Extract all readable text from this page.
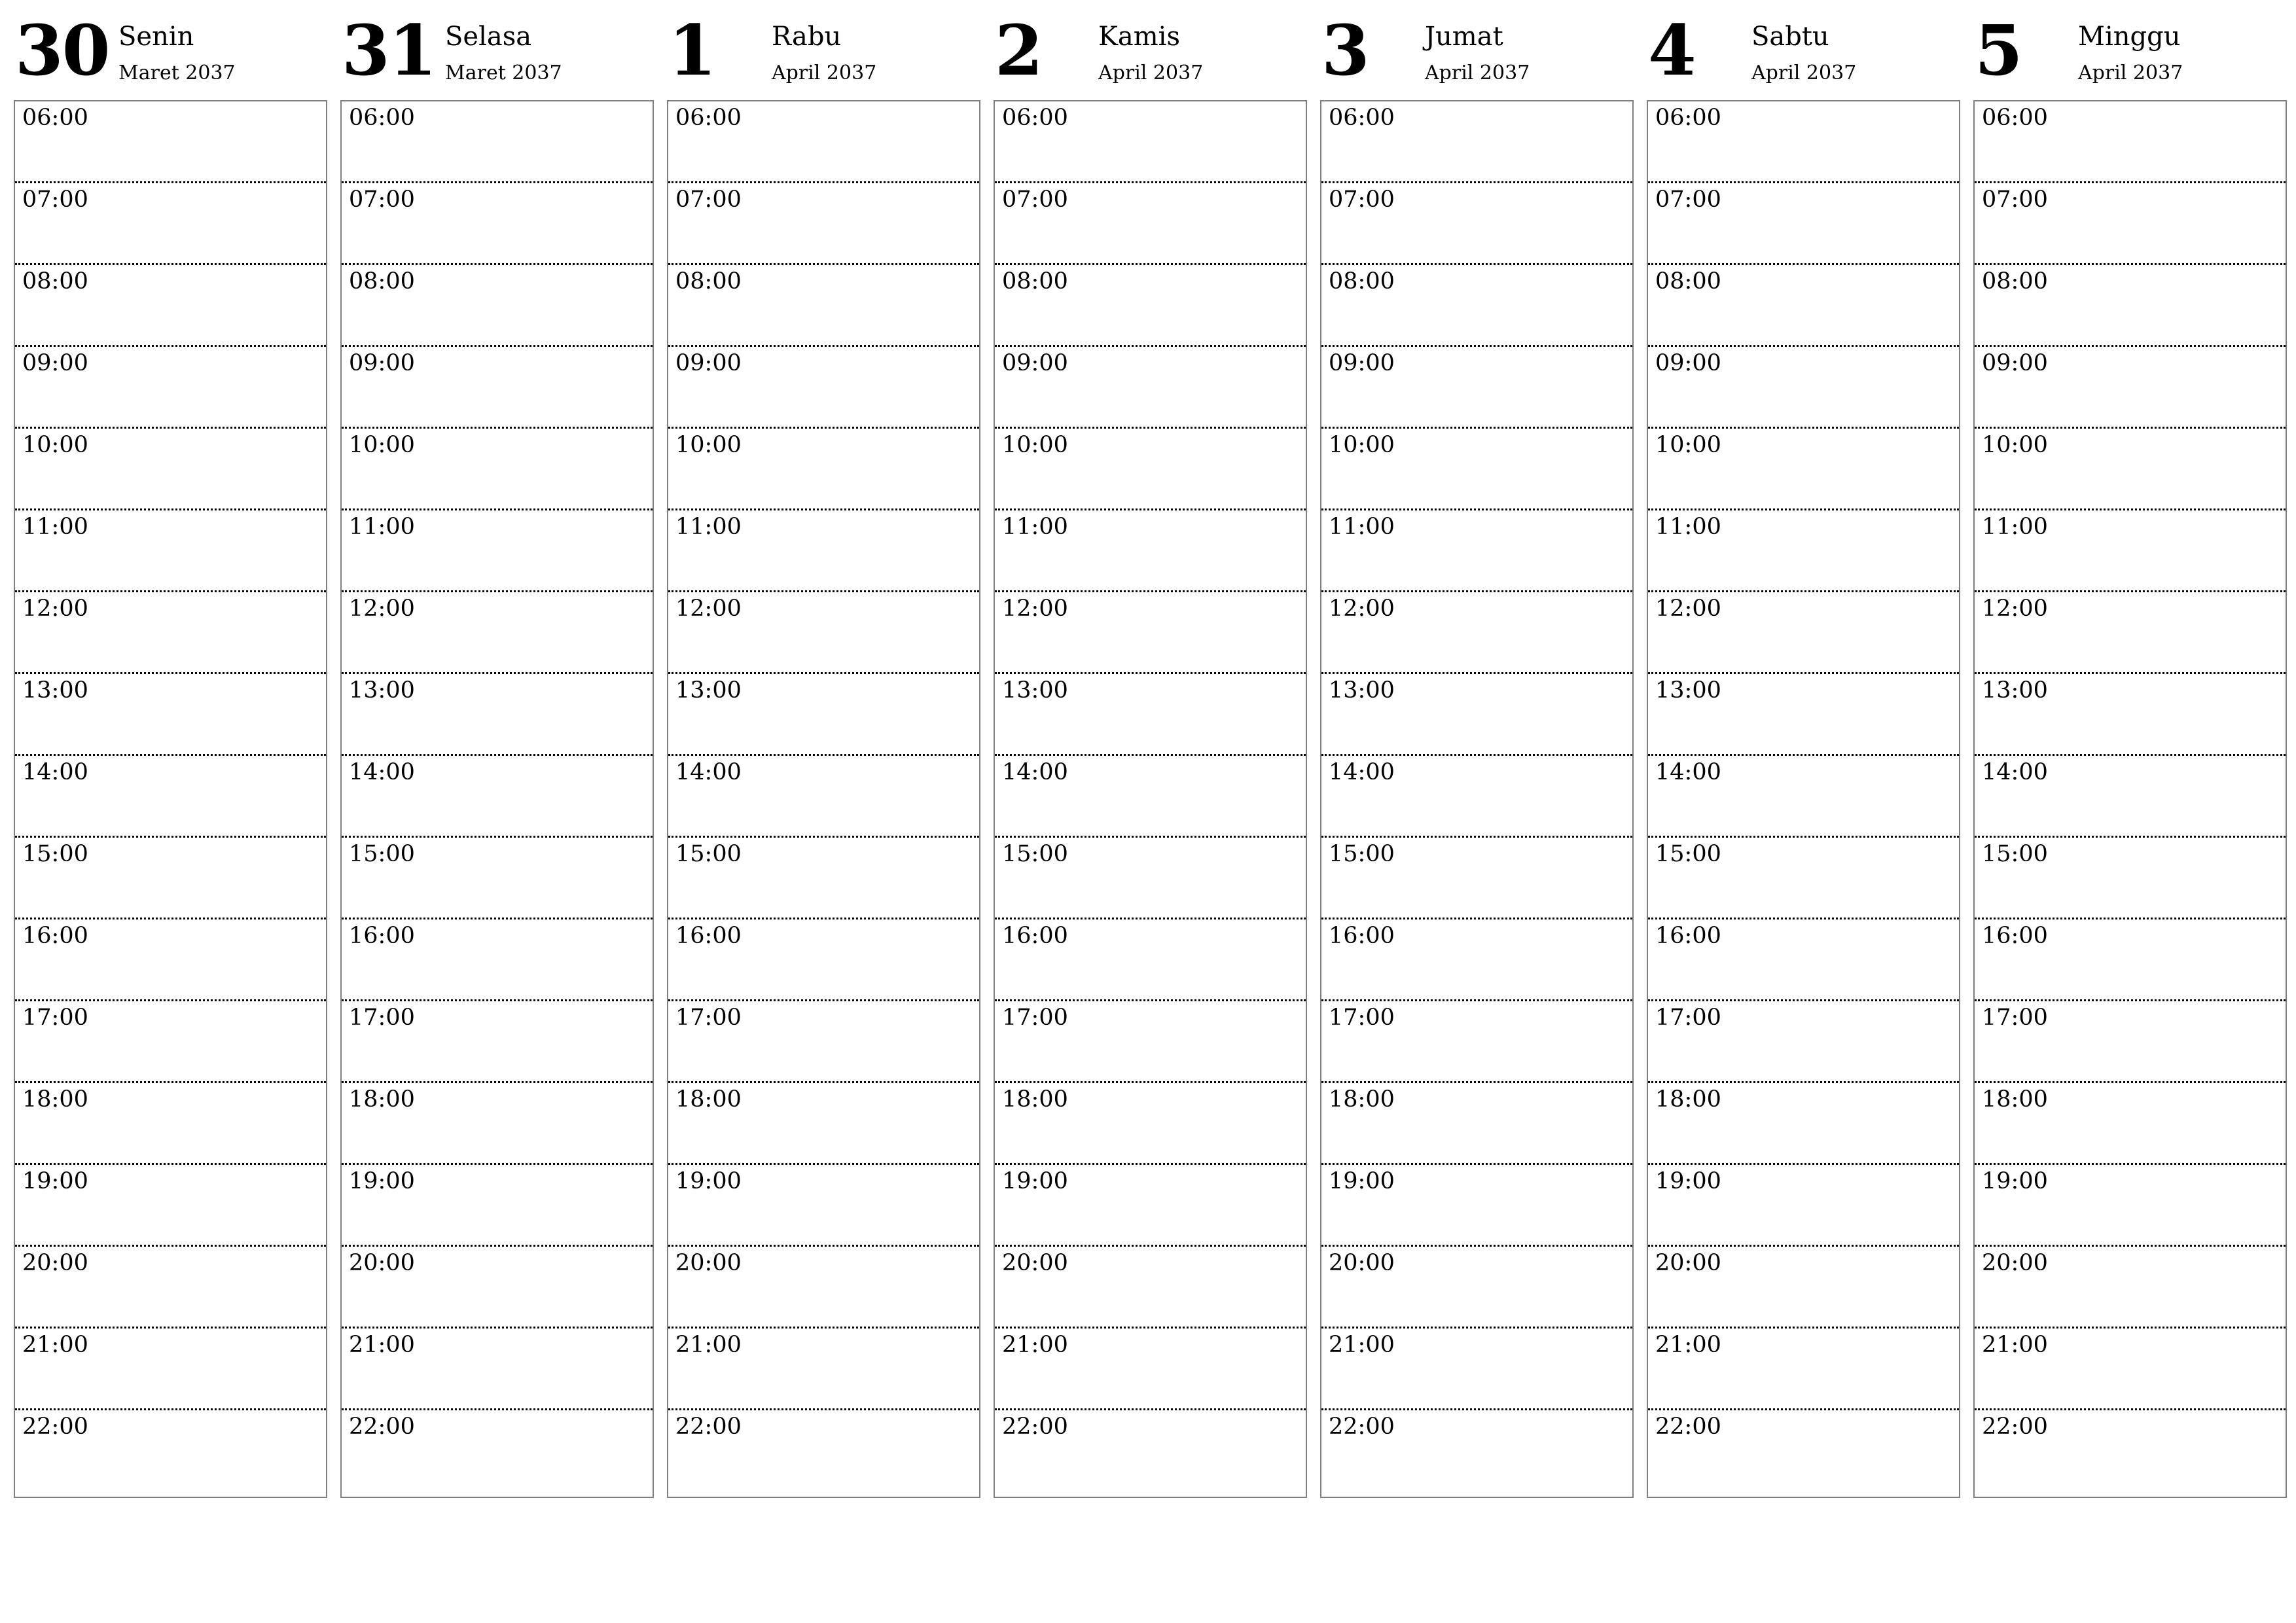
30 Senin
Maret 2037
06:00
07:00
08:00
09:00
10:00
11:00
12:00
13:00
14:00
15:00
16:00
17:00
18:00
19:00
20:00
21:00
22:00
31 Selasa
Maret 2037
06:00
07:00
08:00
09:00
10:00
11:00
12:00
13:00
14:00
15:00
16:00
17:00
18:00
19:00
20:00
21:00
22:00
1 Rabu
April 2037
06:00
07:00
08:00
09:00
10:00
11:00
12:00
13:00
14:00
15:00
16:00
17:00
18:00
19:00
20:00
21:00
22:00
2 Kamis
April 2037
06:00
07:00
08:00
09:00
10:00
11:00
12:00
13:00
14:00
15:00
16:00
17:00
18:00
19:00
20:00
21:00
22:00
3 Jumat
April 2037
06:00
07:00
08:00
09:00
10:00
11:00
12:00
13:00
14:00
15:00
16:00
17:00
18:00
19:00
20:00
21:00
22:00
4 Sabtu
April 2037
06:00
07:00
08:00
09:00
10:00
11:00
12:00
13:00
14:00
15:00
16:00
17:00
18:00
19:00
20:00
21:00
22:00
5 Minggu
April 2037
06:00
07:00
08:00
09:00
10:00
11:00
12:00
13:00
14:00
15:00
16:00
17:00
18:00
19:00
20:00
21:00
22:00
